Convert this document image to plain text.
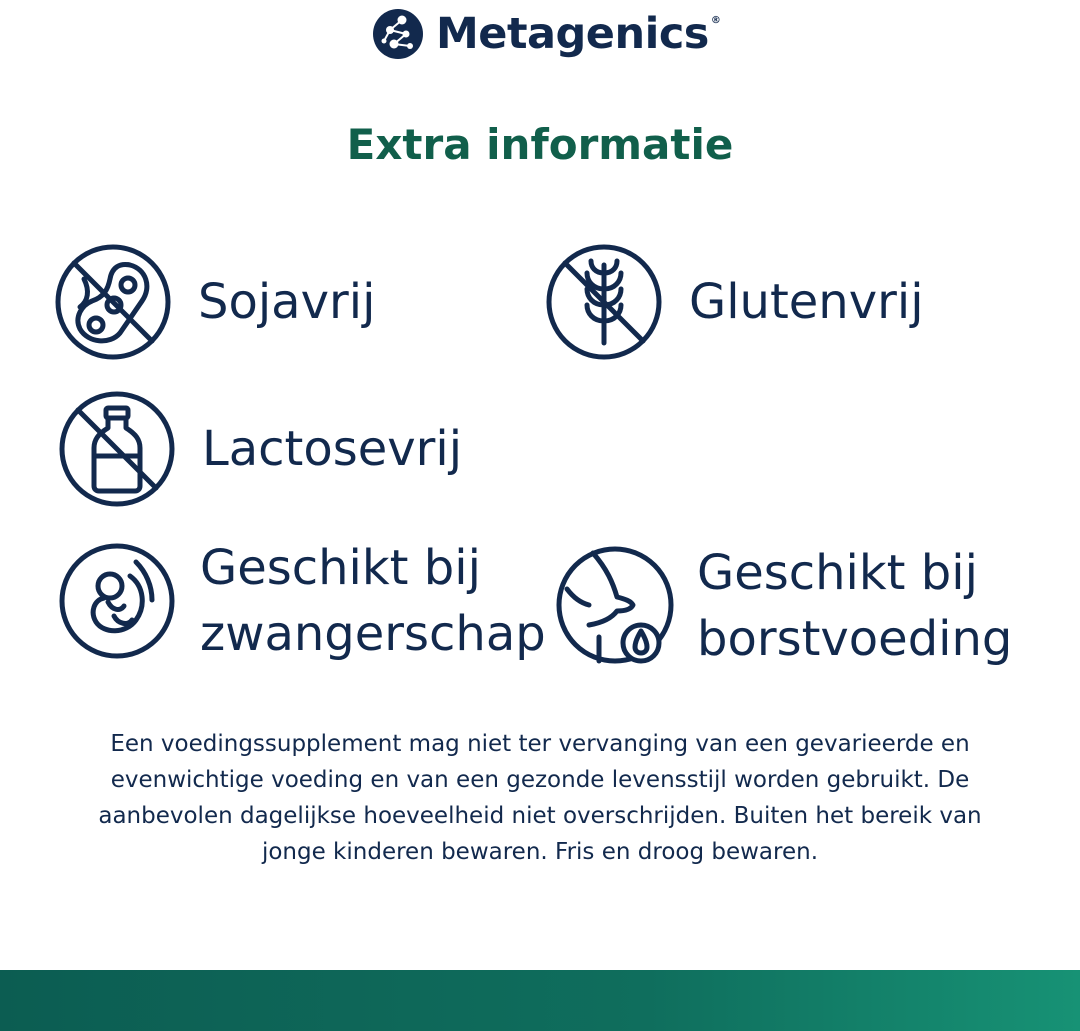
Metagenics ®
Extra informatie
Sojavrij	Glutenvrij
Lactosevrij
Geschikt bij
zwangerschap
Geschikt bij
borstvoeding

Een voedingssupplement mag niet ter vervanging van een gevarieerde en evenwichtige voeding en van een gezonde levensstijl worden gebruikt. De aanbevolen dagelijkse hoeveelheid niet overschrijden. Buiten het bereik van jonge kinderen bewaren. Fris en droog bewaren.
